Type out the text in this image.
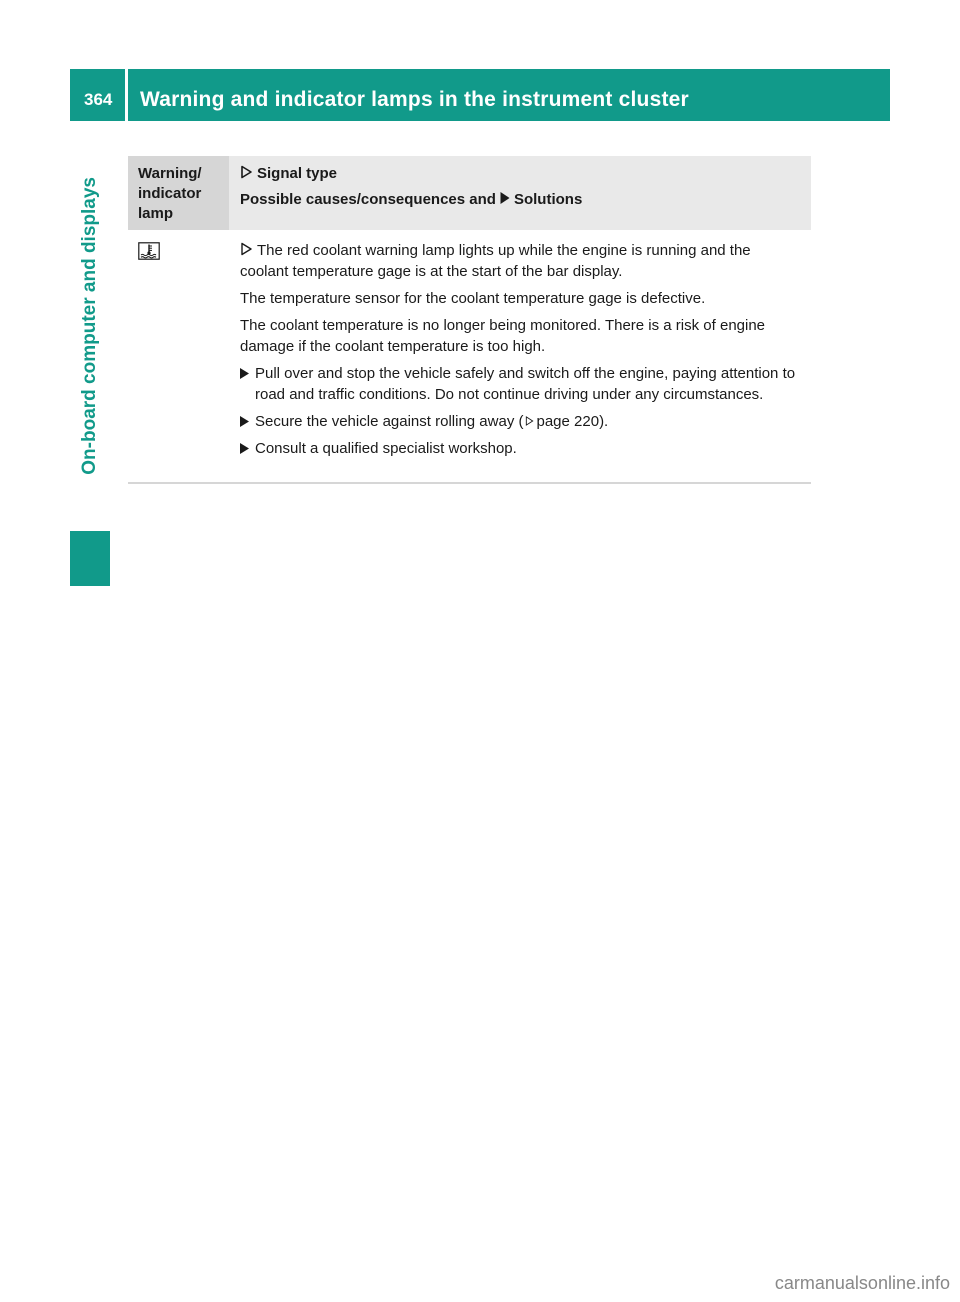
364 Warning and indicator lamps in the instrument cluster
On-board computer and displays
Warning/
indicator
lamp
Signal type
Possible causes/consequences and Solutions

The red coolant warning lamp lights up while the engine is running and the coolant temperature gage is at the start of the bar display.

The temperature sensor for the coolant temperature gage is defective.

The coolant temperature is no longer being monitored. There is a risk of engine damage if the coolant temperature is too high.

Pull over and stop the vehicle safely and switch off the engine, paying attention to road and traffic conditions. Do not continue driving under any circumstances.
Secure the vehicle against rolling away ( page 220).
Consult a qualified specialist workshop.
carmanualsonline.info
